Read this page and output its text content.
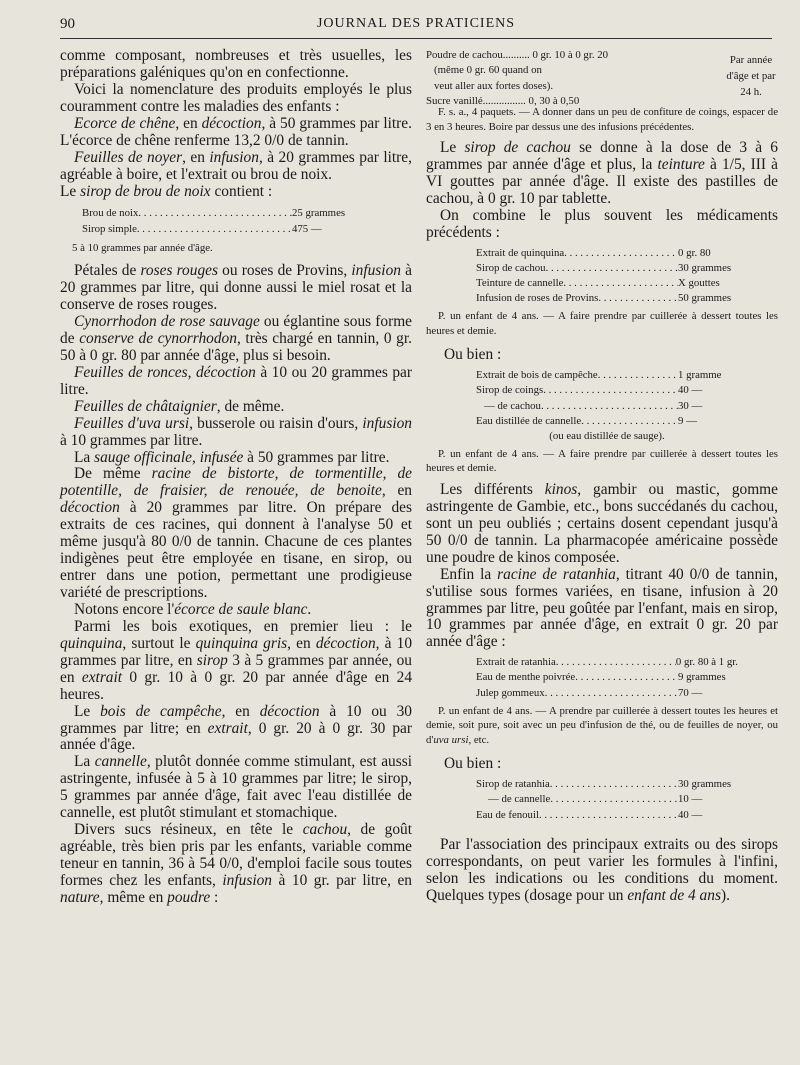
90	JOURNAL DES PRATICIENS

comme composant, nombreuses et très usuelles, les préparations galéniques qu'on en confectionne.

Voici la nomenclature des produits employés le plus couramment contre les maladies des enfants :

Ecorce de chêne, en décoction, à 50 grammes par litre. L'écorce de chêne renferme 13,2 0/0 de tannin.

Feuilles de noyer, en infusion, à 20 grammes par litre, agréable à boire, et l'extrait ou brou de noix.

Le sirop de brou de noix contient :

Brou de noix . . .	25 grammes
Sirop simple . . .	475 —
5 à 10 grammes par année d'âge.

Pétales de roses rouges ou roses de Provins, infusion à 20 grammes par litre, qui donne aussi le miel rosat et la conserve de roses rouges.

Cynorrhodon de rose sauvage ou églantine sous forme de conserve de cynorrhodon, très chargé en tannin, 0 gr. 50 à 0 gr. 80 par année d'âge, plus si besoin.

Feuilles de ronces, décoction à 10 ou 20 grammes par litre.

Feuilles de châtaignier, de même.

Feuilles d'uva ursi, busserole ou raisin d'ours, infusion à 10 grammes par litre.

La sauge officinale, infusée à 50 grammes par litre.

De même racine de bistorte, de tormentille, de potentille, de fraisier, de renouée, de benoite, en décoction à 20 grammes par litre. On prépare des extraits de ces racines, qui donnent à l'analyse 50 et même jusqu'à 80 0/0 de tannin. Chacune de ces plantes indigènes peut être employée en tisane, en sirop, ou entrer dans une potion, permettant une prodigieuse variété de prescriptions.

Notons encore l'écorce de saule blanc.

Parmi les bois exotiques, en premier lieu : le quinquina, surtout le quinquina gris, en décoction, à 10 grammes par litre, en sirop 3 à 5 grammes par année, ou en extrait 0 gr. 10 à 0 gr. 20 par année d'âge en 24 heures.

Le bois de campêche, en décoction à 10 ou 30 grammes par litre; en extrait, 0 gr. 20 à 0 gr. 30 par année d'âge.

La cannelle, plutôt donnée comme stimulant, est aussi astringente, infusée à 5 à 10 grammes par litre; le sirop, 5 grammes par année d'âge, fait avec l'eau distillée de cannelle, est plutôt stimulant et stomachique.

Divers sucs résineux, en tête le cachou, de goût agréable, très bien pris par les enfants, variable comme teneur en tannin, 36 à 54 0/0, d'emploi facile sous toutes formes chez les enfants, infusion à 10 gr. par litre, en nature, même en poudre :

Poudre de cachou.......... 0 gr. 10 à 0 gr. 20
(même 0 gr. 60 quand on
veut aller aux fortes doses).
Sucre vanillé................ 0, 30 à 0,50
Par année d'âge et par 24 h.
F. s. a., 4 paquets. — A donner dans un peu de confiture de coings, espacer de 3 en 3 heures. Boire par dessus une des infusions précédentes.

Le sirop de cachou se donne à la dose de 3 à 6 grammes par année d'âge et plus, la teinture à 1/5, III à VI gouttes par année d'âge. Il existe des pastilles de cachou, à 0 gr. 10 par tablette.

On combine le plus souvent les médicaments précédents :

Extrait de quinquina . . .	0 gr. 80
Sirop de cachou . . .	30 grammes
Teinture de cannelle . . .	X gouttes
Infusion de roses de Provins . . .	50 grammes
P. un enfant de 4 ans. — A faire prendre par cuillerée à dessert toutes les heures et demie.
Ou bien :
Extrait de bois de campêche . . .	1 gramme
Sirop de coings . . .	40 —
— de cachou . . .	30 —
Eau distillée de cannelle . . .	9 —
(ou eau distillée de sauge).
P. un enfant de 4 ans. — A faire prendre par cuillerée à dessert toutes les heures et demie.

Les différents kinos, gambir ou mastic, gomme astringente de Gambie, etc., bons succédanés du cachou, sont un peu oubliés ; certains dosent cependant jusqu'à 50 0/0 de tannin. La pharmacopée américaine possède une poudre de kinos composée.

Enfin la racine de ratanhia, titrant 40 0/0 de tannin, s'utilise sous formes variées, en tisane, infusion à 20 grammes par litre, peu goûtée par l'enfant, mais en sirop, 10 grammes par année d'âge, en extrait 0 gr. 20 par année d'âge :

Extrait de ratanhia . . .	0 gr. 80 à 1 gr.
Eau de menthe poivrée . . .	9 grammes
Julep gommeux . . .	70 —
P. un enfant de 4 ans. — A prendre par cuillerée à dessert toutes les heures et demie, soit pure, soit avec un peu d'infusion de thé, ou de feuilles de noyer, ou d'uva ursi, etc.
Ou bien :
Sirop de ratanhia . . .	30 grammes
— de cannelle . . .	10 —
Eau de fenouil . . .	40 —

Par l'association des principaux extraits ou des sirops correspondants, on peut varier les formules à l'infini, selon les indications ou les conditions du moment. Quelques types (dosage pour un enfant de 4 ans).
